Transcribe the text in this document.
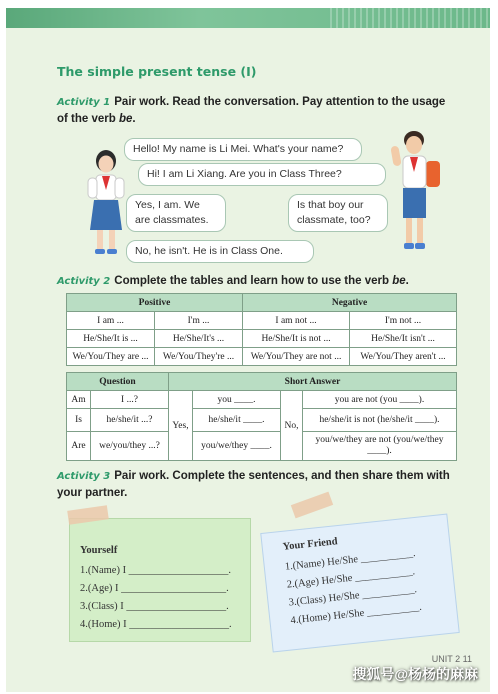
The simple present tense (I)
Activity 1 Pair work. Read the conversation. Pay attention to the usage of the verb be.
Hello! My name is Li Mei. What's your name?
Hi! I am Li Xiang. Are you in Class Three?
Yes, I am. We are classmates.
Is that boy our classmate, too?
No, he isn't. He is in Class One.
Activity 2 Complete the tables and learn how to use the verb be.
Positive		Negative	
I am ...	I'm ...	I am not ...	I'm not ...
He/She/It is ...	He/She/It's ...	He/She/It is not ...	He/She/It isn't ...
We/You/They are ...	We/You/They're ...	We/You/They are not ...	We/You/They aren't ...
Question		Short Answer			
Am	I ...?	Yes,	you ____.	No,	you are not (you ____).
Is	he/she/it ...?		he/she/it ____.		he/she/it is not (he/she/it ____).
Are	we/you/they ...?		you/we/they ____.		you/we/they are not (you/we/they ____).
Activity 3 Pair work. Complete the sentences, and then share them with your partner.
Yourself
1.(Name) I ___________________.
2.(Age) I ____________________.
3.(Class) I ___________________.
4.(Home) I ___________________.
Your Friend
1.(Name) He/She __________.
2.(Age) He/She ___________.
3.(Class) He/She __________.
4.(Home) He/She __________.
UNIT 2 11
搜狐号@杨杨的麻麻
